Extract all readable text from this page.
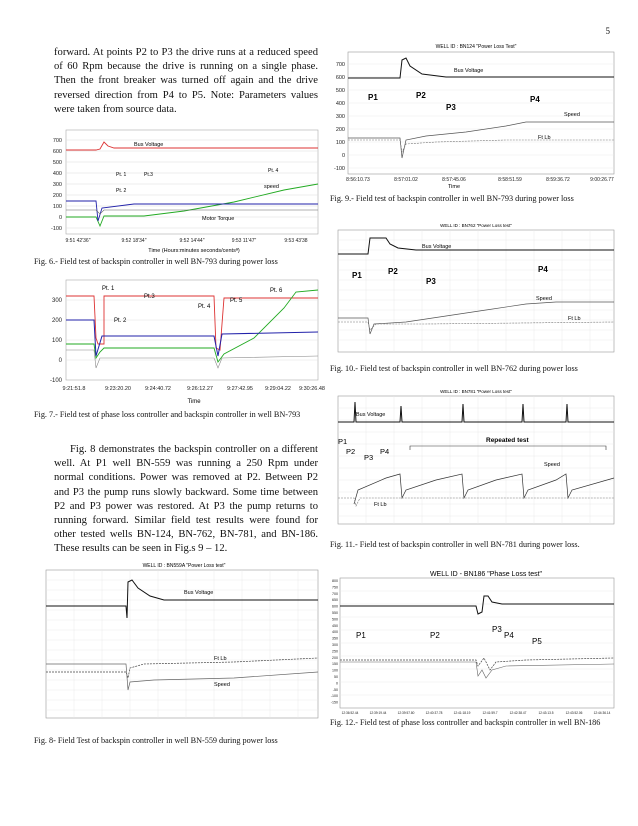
5
forward. At points P2 to P3 the drive runs at a reduced speed of 60 Rpm because the drive is running on a single phase. Then the front breaker was turned off again and the drive reversed direction from P4 to P5. Note: Parameters values were taken from source data.
700
600
500
400
300
200
100
0
-100
Bus Voltage
speed
Motor Torque
Pt. 1
Pt. 2
Pt.3
Pt. 4
9:51 42'36"	9:52 18'34"	9:52 14'44"	9:53 11'47"	9:53 43'38
Time (Hours:minutes seconds/centsª)
Fig. 6.- Field test of backspin controller in well BN-793 during power loss
300
200
100
0
-100
Pt. 1
Pt. 2
Pt.3
Pt. 4
Pt. 5
Pt. 6
9:21:51.8	9:23:20.20	9:24:40.72	9:26:12.27	9:27:42.95 9:29:04.22 9:30:26.48
Time
Fig. 7.- Field test of phase loss controller and backspin controller in well BN-793
Fig. 8 demonstrates the backspin controller on a different well. At P1 well BN-559 was running a 250 Rpm under normal conditions. Power was removed at P2. Between P2 and P3 the pump runs slowly backward. Some time between P2 and P3 power was restored. At P3 the pump returns to running forward. Similar field test results were found for other tested wells BN-124, BN-762, BN-781, and BN-186. These results can be seen in Fig.s 9 – 12.
WELL ID : BN559A "Power Loss test"
Bus Voltage
Ft Lb
Speed
Fig. 8- Field Test of backspin controller in well BN-559 during power loss
WELL ID : BN124 "Power Loss Test"
700
600
500
400
300
200
100
0
-100
Bus Voltage
Speed
Ft Lb
P1	P2
P3
P4
8:56:10.73	8:57:01.02	8:57:45.06	8:58:51.59	8:59:36.72	9:00:26.77
Time
Fig. 9.- Field test of backspin controller in well BN-793 during power loss
WELL ID : BN762 "Power Loss test"
Bus Voltage
Speed
Ft Lb
P1	P2
P3
P4
Fig. 10.- Field test of backspin controller in well BN-762 during power loss
WELL ID : BN781 "Power Loss test"
Bus Voltage
Repeated test
Speed
Ft Lb
P1
P2
P3
P4
Fig. 11.- Field test of backspin controller in well BN-781 during power loss.
WELL ID - BN186 "Phase Loss test"
800
750
700
650
600
550
500
450
400
350
300
250
200
150
100
50
0
-50
-100
-150
P1	P2
P3
P4
P5
12:36:52.44	12:39:19.44	12:39:57.80	12:40:37.78	12:41:18.19	12:41:59.7	12:42:38.47	12:43:13.5	12:43:52.06	12:44:36.14
Fig. 12.- Field test of phase loss controller and backspin controller in well BN-186
